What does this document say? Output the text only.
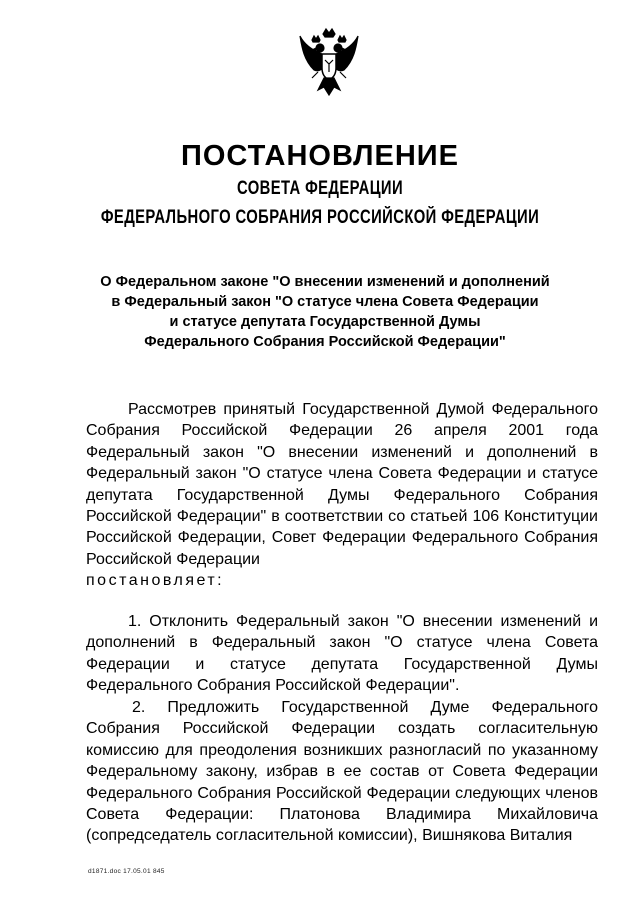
ПОСТАНОВЛЕНИЕ
СОВЕТА ФЕДЕРАЦИИ
ФЕДЕРАЛЬНОГО СОБРАНИЯ РОССИЙСКОЙ ФЕДЕРАЦИИ
О Федеральном законе "О внесении изменений и дополнений
в Федеральный закон "О статусе члена Совета Федерации
и статусе депутата Государственной Думы
Федерального Собрания Российской Федерации"
Рассмотрев принятый Государственной Думой Федерального Собрания Российской Федерации 26 апреля 2001 года Федеральный закон "О внесении изменений и дополнений в Федеральный закон "О статусе члена Совета Федерации и статусе депутата Государственной Думы Федерального Собрания Российской Федерации" в соответствии со статьей 106 Конституции Российской Федерации, Совет Федерации Федерального Собрания Российской Федерации
постановляет:
1. Отклонить Федеральный закон "О внесении изменений и дополнений в Федеральный закон "О статусе члена Совета Федерации и статусе депутата Государственной Думы Федерального Собрания Российской Федерации".
2. Предложить Государственной Думе Федерального Собрания Российской Федерации создать согласительную комиссию для преодоления возникших разногласий по указанному Федеральному закону, избрав в ее состав от Совета Федерации Федерального Собрания Российской Федерации следующих членов Совета Федерации: Платонова Владимира Михайловича (сопредседатель согласительной комиссии), Вишнякова Виталия
d1871.doc 17.05.01 845
